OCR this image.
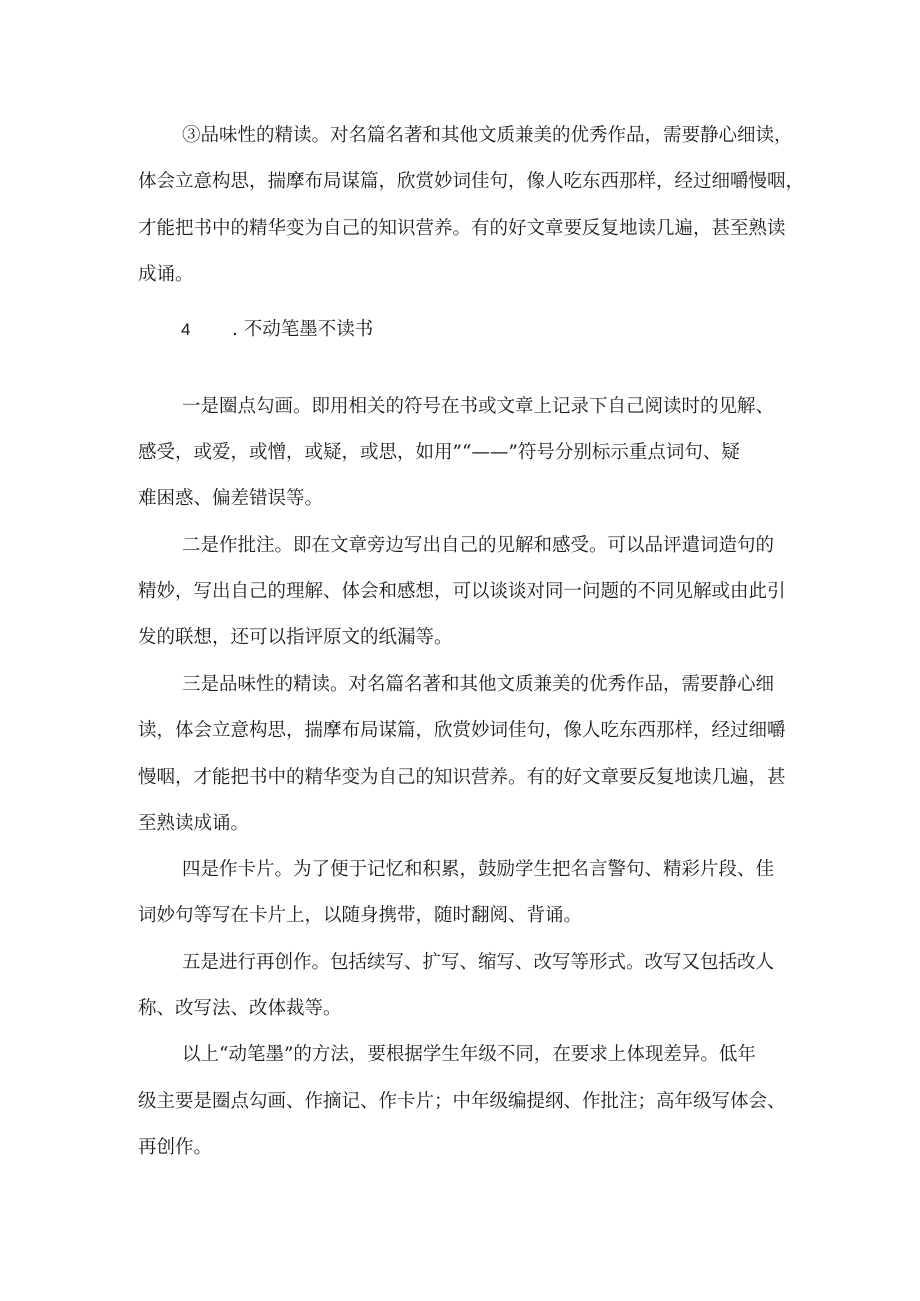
③品味性的精读。对名篇名著和其他文质兼美的优秀作品，需要静心细读，
体会立意构思，揣摩布局谋篇，欣赏妙词佳句，像人吃东西那样，经过细嚼慢咽，
才能把书中的精华变为自己的知识营养。有的好文章要反复地读几遍，甚至熟读
成诵。
4 . 不动笔墨不读书
一是圈点勾画。即用相关的符号在书或文章上记录下自己阅读时的见解、
感受，或爱，或憎，或疑，或思，如用”“——”符号分别标示重点词句、疑
难困惑、偏差错误等。
二是作批注。即在文章旁边写出自己的见解和感受。可以品评遣词造句的
精妙，写出自己的理解、体会和感想，可以谈谈对同一问题的不同见解或由此引
发的联想，还可以指评原文的纸漏等。
三是品味性的精读。对名篇名著和其他文质兼美的优秀作品，需要静心细
读，体会立意构思，揣摩布局谋篇，欣赏妙词佳句，像人吃东西那样，经过细嚼
慢咽，才能把书中的精华变为自己的知识营养。有的好文章要反复地读几遍，甚
至熟读成诵。
四是作卡片。为了便于记忆和积累，鼓励学生把名言警句、精彩片段、佳
词妙句等写在卡片上，以随身携带，随时翻阅、背诵。
五是进行再创作。包括续写、扩写、缩写、改写等形式。改写又包括改人
称、改写法、改体裁等。
以上“动笔墨”的方法，要根据学生年级不同，在要求上体现差异。低年
级主要是圈点勾画、作摘记、作卡片；中年级编提纲、作批注；高年级写体会、
再创作。
